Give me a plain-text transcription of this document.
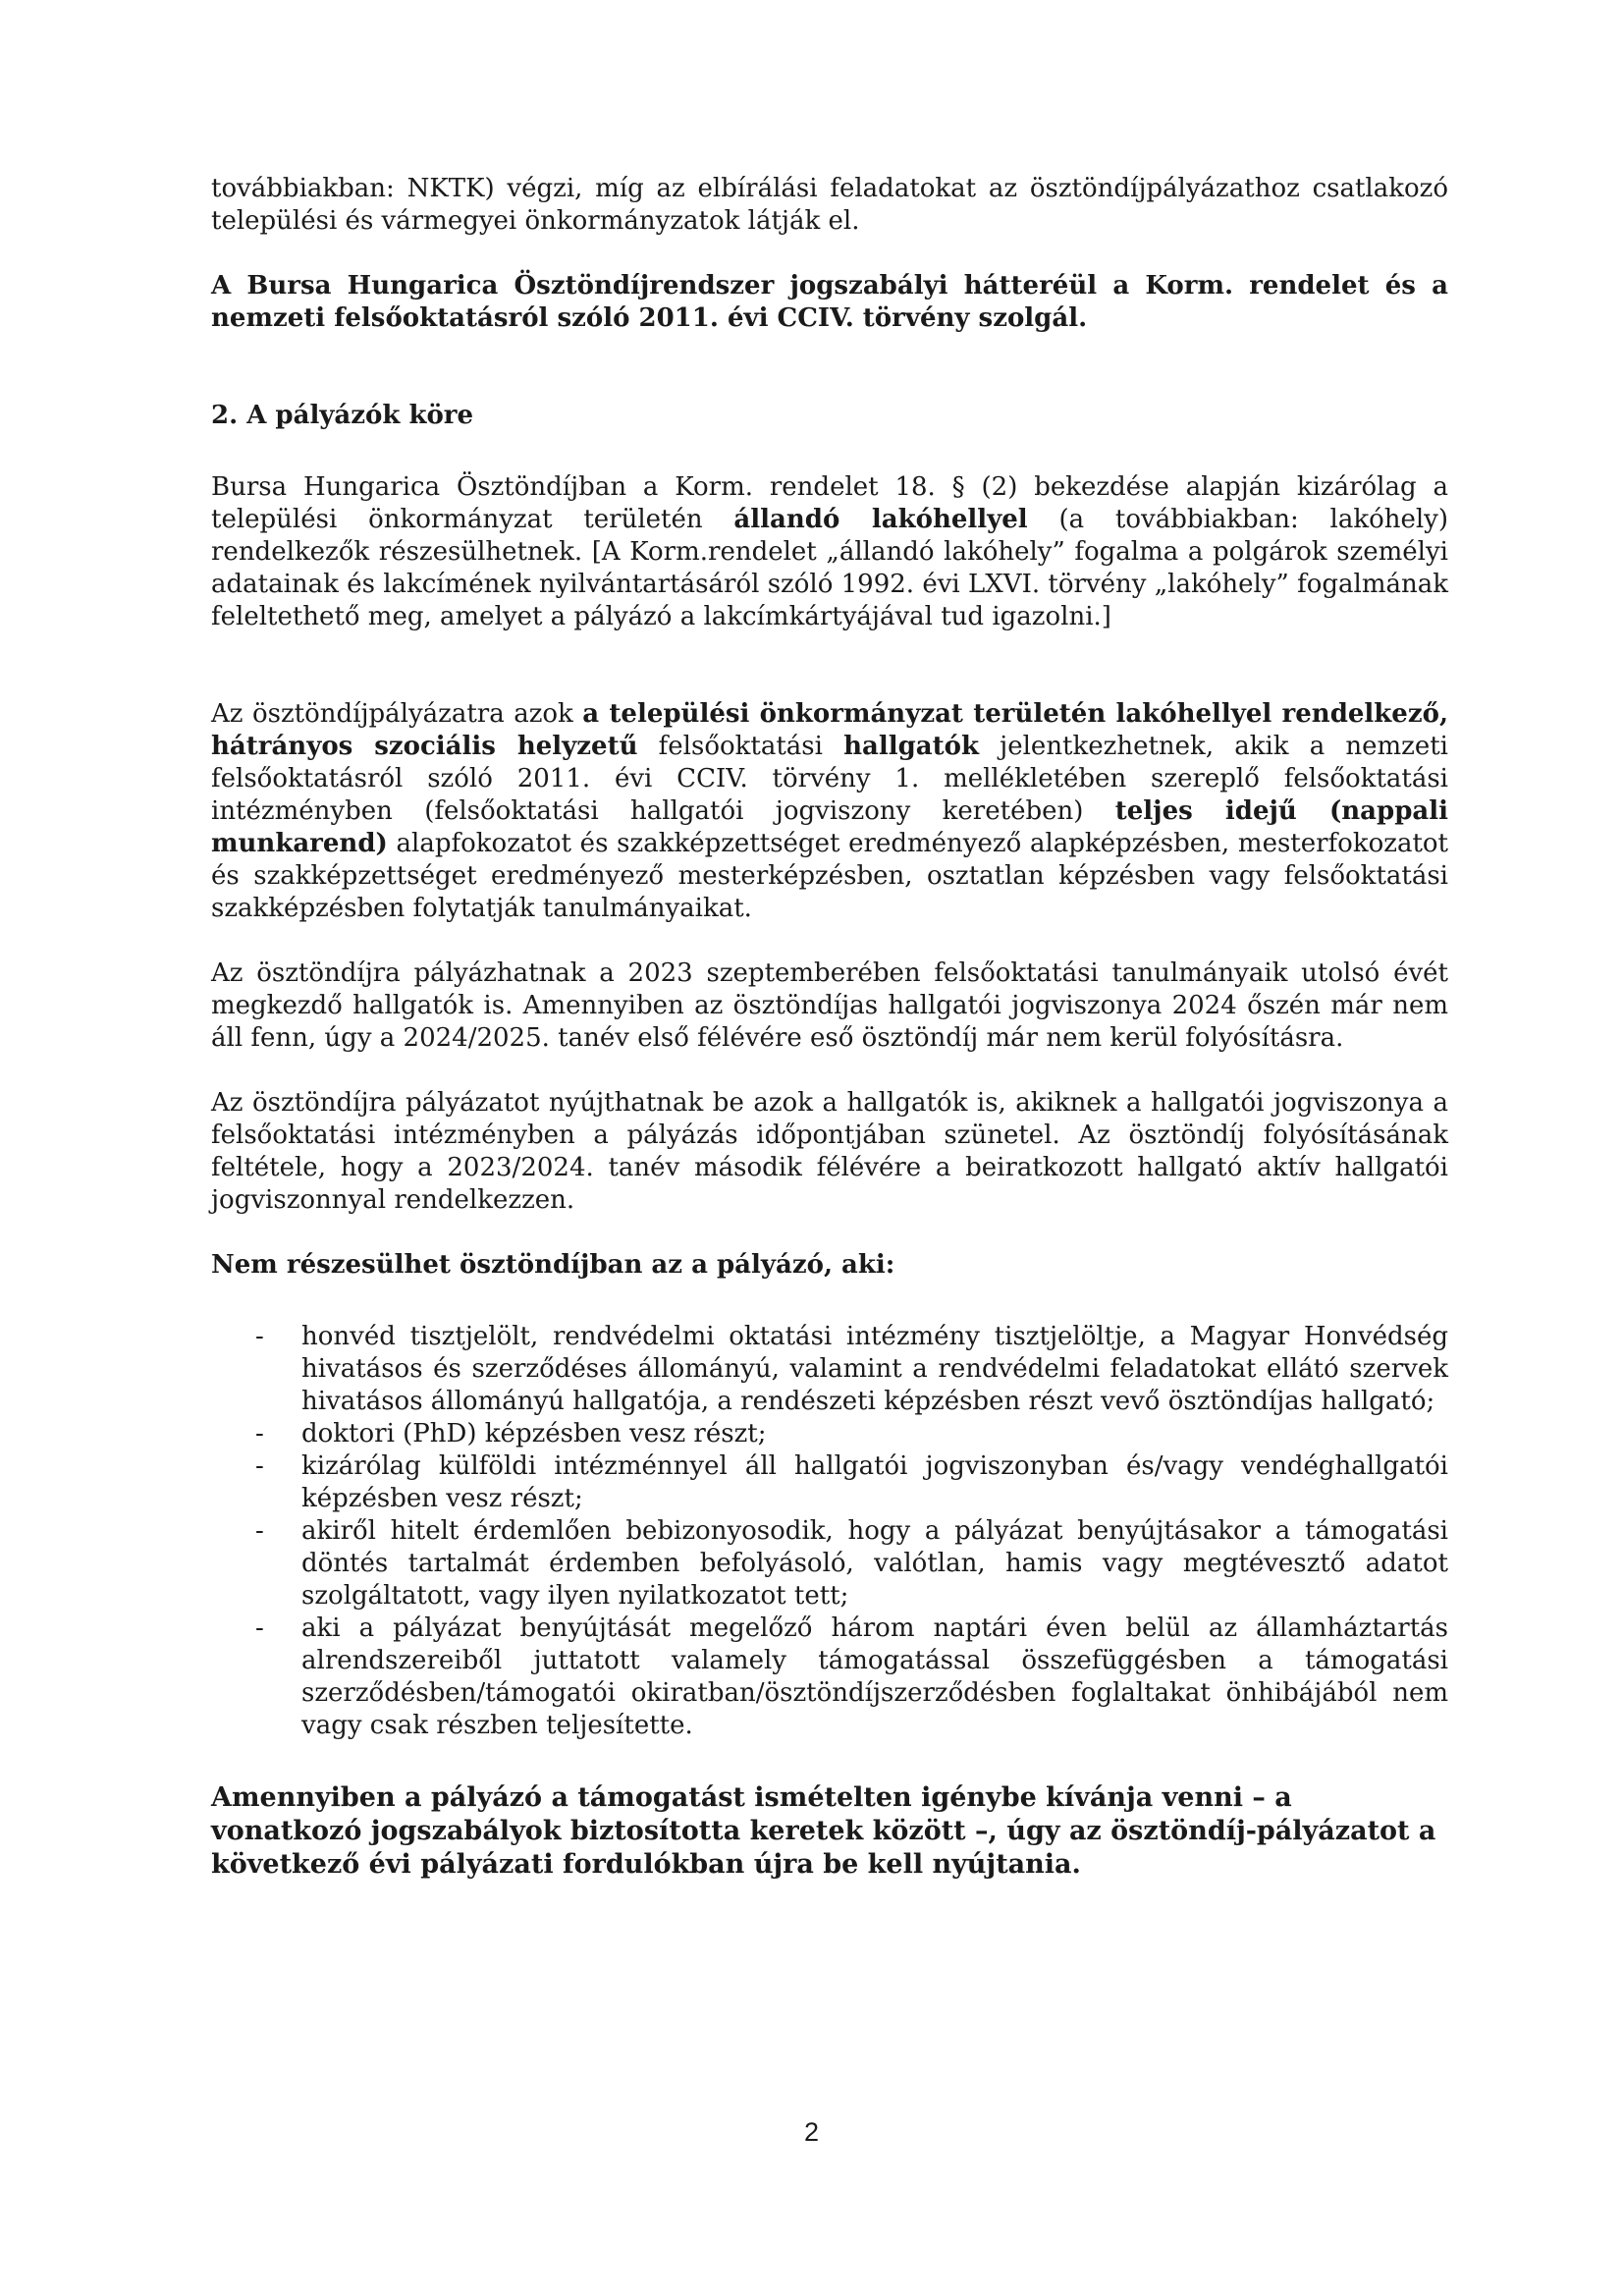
továbbiakban: NKTK) végzi, míg az elbírálási feladatokat az ösztöndíjpályázathoz csatlakozó települési és vármegyei önkormányzatok látják el.

A Bursa Hungarica Ösztöndíjrendszer jogszabályi hátteréül a Korm. rendelet és a nemzeti felsőoktatásról szóló 2011. évi CCIV. törvény szolgál.

2. A pályázók köre

Bursa Hungarica Ösztöndíjban a Korm. rendelet 18. § (2) bekezdése alapján kizárólag a települési önkormányzat területén állandó lakóhellyel (a továbbiakban: lakóhely) rendelkezők részesülhetnek. [A Korm.rendelet „állandó lakóhely” fogalma a polgárok személyi adatainak és lakcímének nyilvántartásáról szóló 1992. évi LXVI. törvény „lakóhely” fogalmának feleltethető meg, amelyet a pályázó a lakcímkártyájával tud igazolni.]

Az ösztöndíjpályázatra azok a települési önkormányzat területén lakóhellyel rendelkező, hátrányos szociális helyzetű felsőoktatási hallgatók jelentkezhetnek, akik a nemzeti felsőoktatásról szóló 2011. évi CCIV. törvény 1. mellékletében szereplő felsőoktatási intézményben (felsőoktatási hallgatói jogviszony keretében) teljes idejű (nappali munkarend) alapfokozatot és szakképzettséget eredményező alapképzésben, mesterfokozatot és szakképzettséget eredményező mesterképzésben, osztatlan képzésben vagy felsőoktatási szakképzésben folytatják tanulmányaikat.

Az ösztöndíjra pályázhatnak a 2023 szeptemberében felsőoktatási tanulmányaik utolsó évét megkezdő hallgatók is. Amennyiben az ösztöndíjas hallgatói jogviszonya 2024 őszén már nem áll fenn, úgy a 2024/2025. tanév első félévére eső ösztöndíj már nem kerül folyósításra.

Az ösztöndíjra pályázatot nyújthatnak be azok a hallgatók is, akiknek a hallgatói jogviszonya a felsőoktatási intézményben a pályázás időpontjában szünetel. Az ösztöndíj folyósításának feltétele, hogy a 2023/2024. tanév második félévére a beiratkozott hallgató aktív hallgatói jogviszonnyal rendelkezzen.

Nem részesülhet ösztöndíjban az a pályázó, aki:

- honvéd tisztjelölt, rendvédelmi oktatási intézmény tisztjelöltje, a Magyar Honvédség hivatásos és szerződéses állományú, valamint a rendvédelmi feladatokat ellátó szervek hivatásos állományú hallgatója, a rendészeti képzésben részt vevő ösztöndíjas hallgató;
- doktori (PhD) képzésben vesz részt;
- kizárólag külföldi intézménnyel áll hallgatói jogviszonyban és/vagy vendéghallgatói képzésben vesz részt;
- akiről hitelt érdemlően bebizonyosodik, hogy a pályázat benyújtásakor a támogatási döntés tartalmát érdemben befolyásoló, valótlan, hamis vagy megtévesztő adatot szolgáltatott, vagy ilyen nyilatkozatot tett;
- aki a pályázat benyújtását megelőző három naptári éven belül az államháztartás alrendszereiből juttatott valamely támogatással összefüggésben a támogatási szerződésben/támogatói okiratban/ösztöndíjszerződésben foglaltakat önhibájából nem vagy csak részben teljesítette.

Amennyiben a pályázó a támogatást ismételten igénybe kívánja venni – a vonatkozó jogszabályok biztosította keretek között –, úgy az ösztöndíj-pályázatot a következő évi pályázati fordulókban újra be kell nyújtania.

2
